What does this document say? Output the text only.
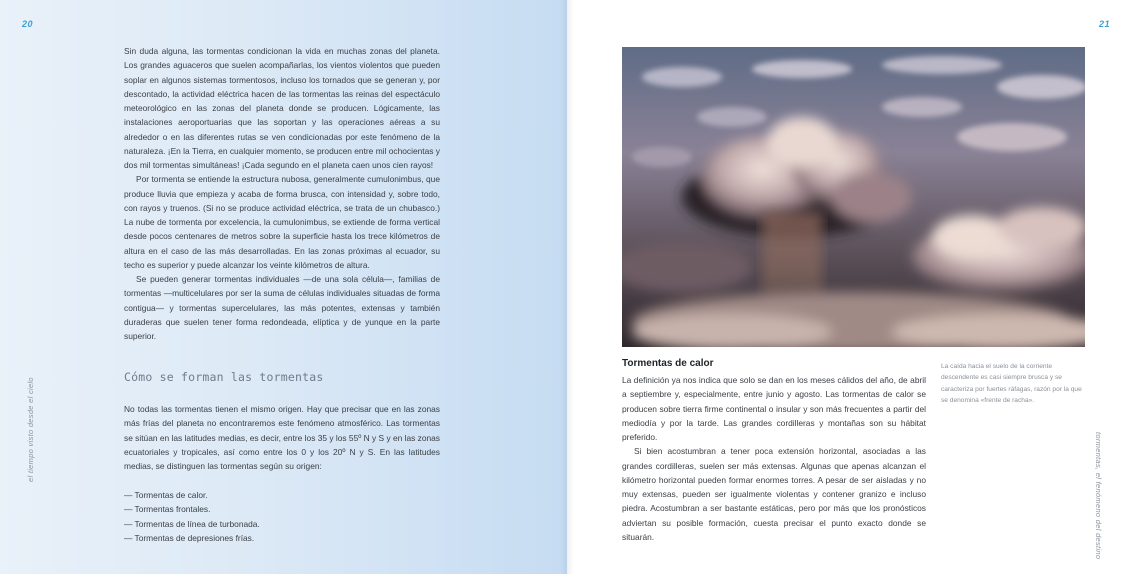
20
el tiempo visto desde el cielo

Sin duda alguna, las tormentas condicionan la vida en muchas zonas del planeta. Los grandes aguaceros que suelen acompañarlas, los vientos violentos que pueden soplar en algunos sistemas tormentosos, incluso los tornados que se generan y, por descontado, la actividad eléctrica hacen de las tormentas las reinas del espectáculo meteorológico en las zonas del planeta donde se producen. Lógicamente, las instalaciones aeroportuarias que las soportan y las operaciones aéreas a su alrededor o en las diferentes rutas se ven condicionadas por este fenómeno de la naturaleza. ¡En la Tierra, en cualquier momento, se producen entre mil ochocientas y dos mil tormentas simultáneas! ¡Cada segundo en el planeta caen unos cien rayos!

Por tormenta se entiende la estructura nubosa, generalmente cumulonimbus, que produce lluvia que empieza y acaba de forma brusca, con intensidad y, sobre todo, con rayos y truenos. (Si no se produce actividad eléctrica, se trata de un chubasco.) La nube de tormenta por excelencia, la cumulonimbus, se extiende de forma vertical desde pocos centenares de metros sobre la superficie hasta los trece kilómetros de altura en el caso de las más desarrolladas. En las zonas próximas al ecuador, su techo es superior y puede alcanzar los veinte kilómetros de altura.

Se pueden generar tormentas individuales —de una sola célula—, familias de tormentas —multicelulares por ser la suma de células individuales situadas de forma contigua— y tormentas supercelulares, las más potentes, extensas y también duraderas que suelen tener forma redondeada, elíptica y de yunque en la parte superior.

Cómo se forman las tormentas

No todas las tormentas tienen el mismo origen. Hay que precisar que en las zonas más frías del planeta no encontraremos este fenómeno atmosférico. Las tormentas se sitúan en las latitudes medias, es decir, entre los 35 y los 55º N y S y en las zonas ecuatoriales y tropicales, así como entre los 0 y los 20º N y S. En las latitudes medias, se distinguen las tormentas según su origen:

— Tormentas de calor.
— Tormentas frontales.
— Tormentas de línea de turbonada.
— Tormentas de depresiones frías.
21
Tormentas de calor

La definición ya nos indica que solo se dan en los meses cálidos del año, de abril a septiembre y, especialmente, entre junio y agosto. Las tormentas de calor se producen sobre tierra firme continental o insular y son más frecuentes a partir del mediodía y por la tarde. Las grandes cordilleras y montañas son su hábitat preferido.

Si bien acostumbran a tener poca extensión horizontal, asociadas a las grandes cordilleras, suelen ser más extensas. Algunas que apenas alcanzan el kilómetro horizontal pueden formar enormes torres. A pesar de ser aisladas y no muy extensas, pueden ser igualmente violentas y contener granizo e incluso piedra. Acostumbran a ser bastante estáticas, pero por más que los pronósticos adviertan su posible formación, cuesta precisar el punto exacto donde se situarán.

La caída hacia el suelo de la corriente descendente es casi siempre brusca y se caracteriza por fuertes ráfagas, razón por la que se denomina «frente de racha».
tormentas, el fenómeno del destino
